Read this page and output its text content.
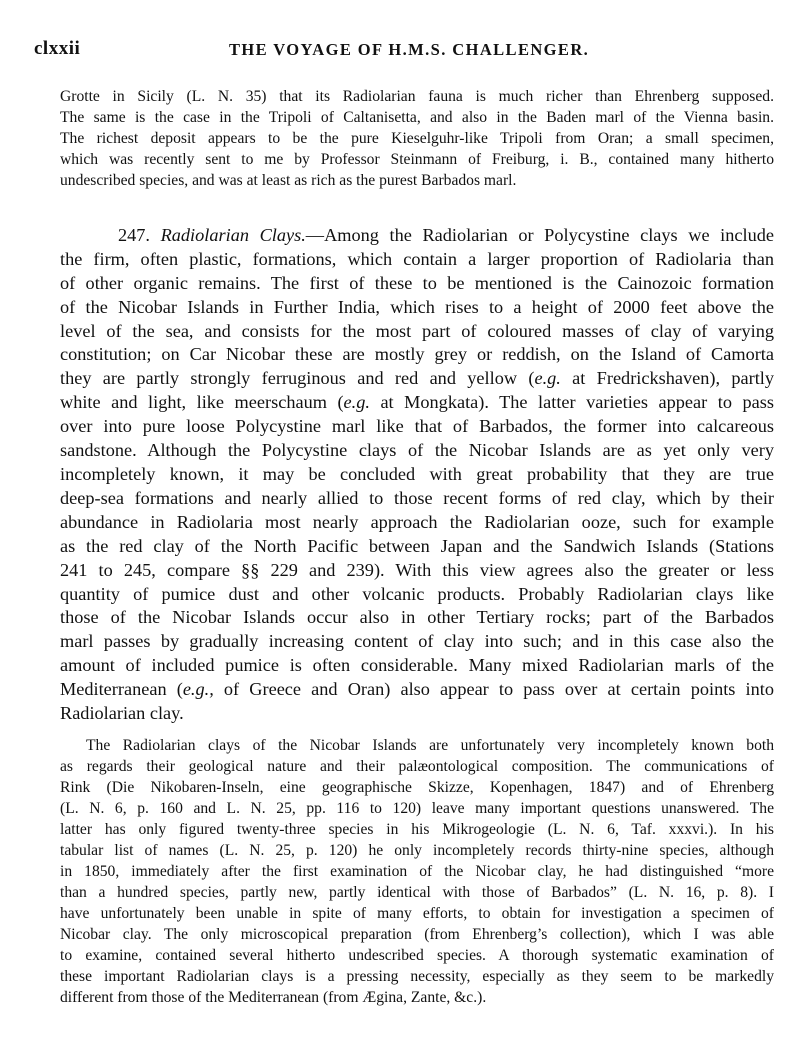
clxxii	THE VOYAGE OF H.M.S. CHALLENGER.
Grotte in Sicily (L. N. 35) that its Radiolarian fauna is much richer than Ehrenberg supposed.
The same is the case in the Tripoli of Caltanisetta, and also in the Baden marl of the Vienna basin.
The richest deposit appears to be the pure Kieselguhr-like Tripoli from Oran; a small specimen,
which was recently sent to me by Professor Steinmann of Freiburg, i. B., contained many hitherto
undescribed species, and was at least as rich as the purest Barbados marl.
247. Radiolarian Clays.—Among the Radiolarian or Polycystine clays we include
the firm, often plastic, formations, which contain a larger proportion of Radiolaria than
of other organic remains. The first of these to be mentioned is the Cainozoic formation
of the Nicobar Islands in Further India, which rises to a height of 2000 feet above the
level of the sea, and consists for the most part of coloured masses of clay of varying
constitution; on Car Nicobar these are mostly grey or reddish, on the Island of Camorta
they are partly strongly ferruginous and red and yellow (e.g. at Fredrickshaven), partly
white and light, like meerschaum (e.g. at Mongkata). The latter varieties appear to pass
over into pure loose Polycystine marl like that of Barbados, the former into calcareous
sandstone. Although the Polycystine clays of the Nicobar Islands are as yet only very
incompletely known, it may be concluded with great probability that they are true
deep-sea formations and nearly allied to those recent forms of red clay, which by their
abundance in Radiolaria most nearly approach the Radiolarian ooze, such for example
as the red clay of the North Pacific between Japan and the Sandwich Islands (Stations
241 to 245, compare §§ 229 and 239). With this view agrees also the greater or less
quantity of pumice dust and other volcanic products. Probably Radiolarian clays like
those of the Nicobar Islands occur also in other Tertiary rocks; part of the Barbados
marl passes by gradually increasing content of clay into such; and in this case also the
amount of included pumice is often considerable. Many mixed Radiolarian marls of the
Mediterranean (e.g., of Greece and Oran) also appear to pass over at certain points into
Radiolarian clay.
The Radiolarian clays of the Nicobar Islands are unfortunately very incompletely known both
as regards their geological nature and their palæontological composition. The communications of
Rink (Die Nikobaren-Inseln, eine geographische Skizze, Kopenhagen, 1847) and of Ehrenberg
(L. N. 6, p. 160 and L. N. 25, pp. 116 to 120) leave many important questions unanswered. The
latter has only figured twenty-three species in his Mikrogeologie (L. N. 6, Taf. xxxvi.). In his
tabular list of names (L. N. 25, p. 120) he only incompletely records thirty-nine species, although
in 1850, immediately after the first examination of the Nicobar clay, he had distinguished “more
than a hundred species, partly new, partly identical with those of Barbados” (L. N. 16, p. 8). I
have unfortunately been unable in spite of many efforts, to obtain for investigation a specimen of
Nicobar clay. The only microscopical preparation (from Ehrenberg’s collection), which I was able
to examine, contained several hitherto undescribed species. A thorough systematic examination of
these important Radiolarian clays is a pressing necessity, especially as they seem to be markedly
different from those of the Mediterranean (from Ægina, Zante, &c.).
